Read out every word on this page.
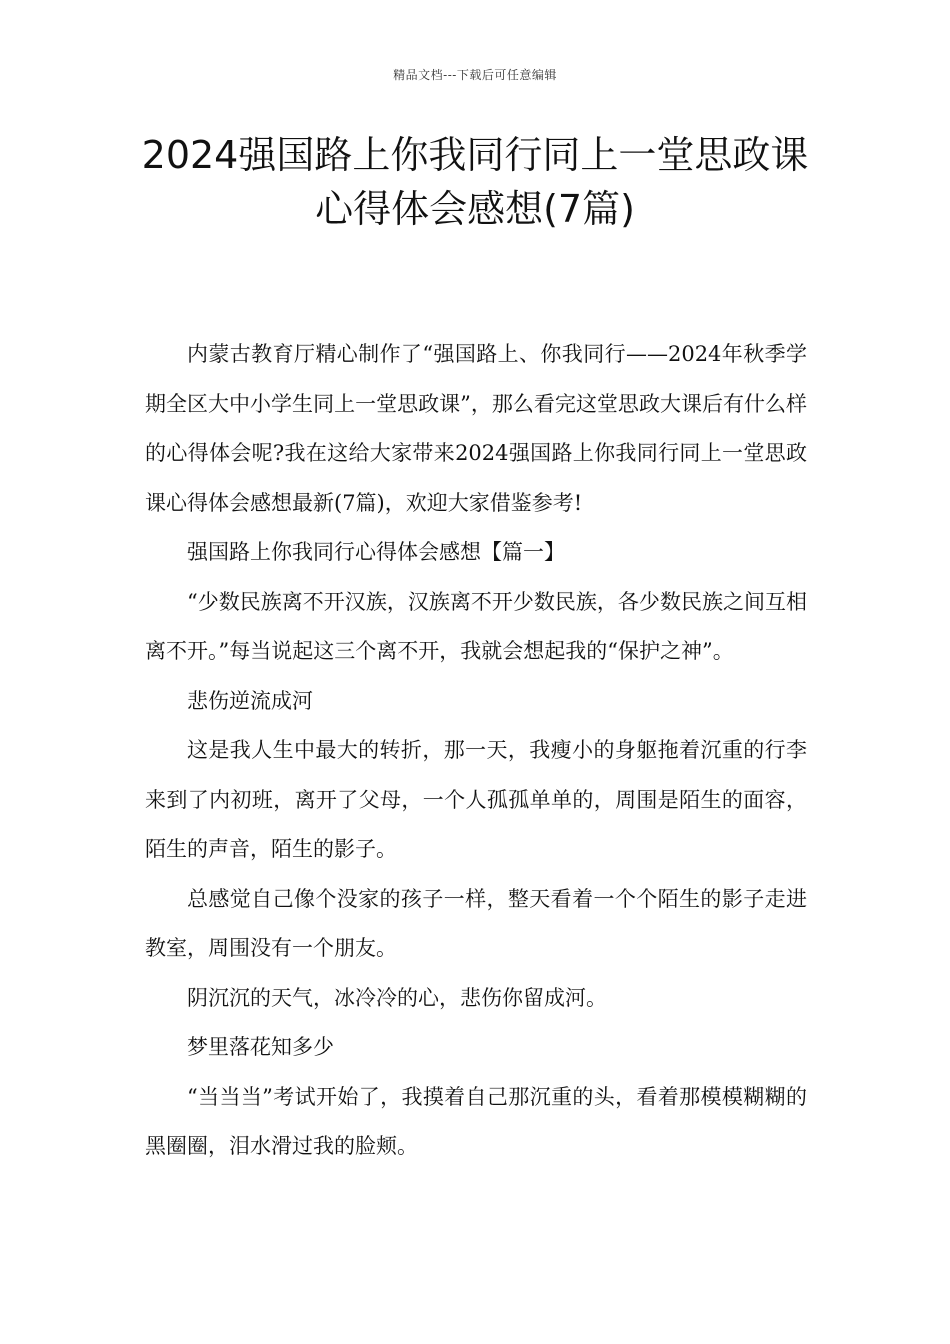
精品文档---下载后可任意编辑
2024强国路上你我同行同上一堂思政课
心得体会感想(7篇)

内蒙古教育厅精心制作了“强国路上、你我同行——2024年秋季学期全区大中小学生同上一堂思政课”，那么看完这堂思政大课后有什么样的心得体会呢?我在这给大家带来2024强国路上你我同行同上一堂思政课心得体会感想最新(7篇)，欢迎大家借鉴参考!

强国路上你我同行心得体会感想【篇一】

“少数民族离不开汉族，汉族离不开少数民族，各少数民族之间互相离不开。”每当说起这三个离不开，我就会想起我的“保护之神”。

悲伤逆流成河

这是我人生中最大的转折，那一天，我瘦小的身躯拖着沉重的行李来到了内初班，离开了父母，一个人孤孤单单的，周围是陌生的面容，陌生的声音，陌生的影子。

总感觉自己像个没家的孩子一样，整天看着一个个陌生的影子走进教室，周围没有一个朋友。

阴沉沉的天气，冰冷冷的心，悲伤你留成河。

梦里落花知多少

“当当当”考试开始了，我摸着自己那沉重的头，看着那模模糊糊的黑圈圈，泪水滑过我的脸颊。
